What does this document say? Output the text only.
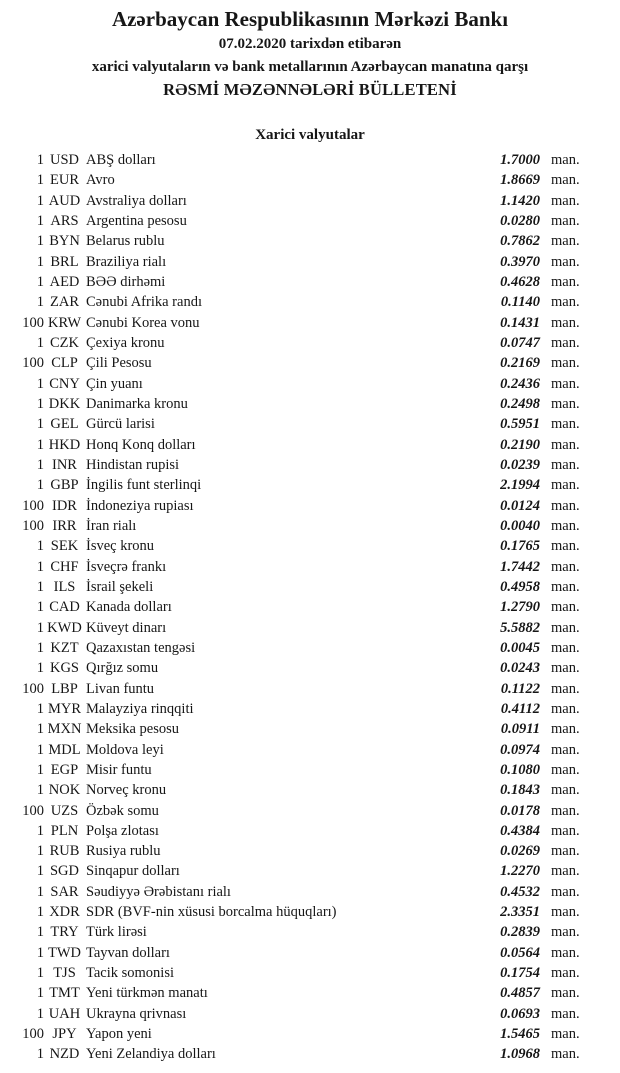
Azərbaycan Respublikasının Mərkəzi Bankı
07.02.2020 tarixdən etibarən
xarici valyutaların və bank metallarının Azərbaycan manatına qarşı
RƏSMİ MƏZƏNNƏLƏRİ BÜLLETENİ
Xarici valyutalar
1 USD ABŞ dolları	1.7000 man.
1 EUR Avro	1.8669 man.
1 AUD Avstraliya dolları	1.1420 man.
1 ARS Argentina pesosu	0.0280 man.
1 BYN Belarus rublu	0.7862 man.
1 BRL Braziliya rialı	0.3970 man.
1 AED BƏƏ dirhəmi	0.4628 man.
1 ZAR Cənubi Afrika randı	0.1140 man.
100 KRW Cənubi Korea vonu	0.1431 man.
1 CZK Çexiya kronu	0.0747 man.
100 CLP Çili Pesosu	0.2169 man.
1 CNY Çin yuanı	0.2436 man.
1 DKK Danimarka kronu	0.2498 man.
1 GEL Gürcü larisi	0.5951 man.
1 HKD Honq Konq dolları	0.2190 man.
1 INR Hindistan rupisi	0.0239 man.
1 GBP İngilis funt sterlinqi	2.1994 man.
100 IDR İndoneziya rupiası	0.0124 man.
100 IRR İran rialı	0.0040 man.
1 SEK İsveç kronu	0.1765 man.
1 CHF İsveçrə frankı	1.7442 man.
1 ILS İsrail şekeli	0.4958 man.
1 CAD Kanada dolları	1.2790 man.
1 KWD Küveyt dinarı	5.5882 man.
1 KZT Qazaxıstan tengəsi	0.0045 man.
1 KGS Qırğız somu	0.0243 man.
100 LBP Livan funtu	0.1122 man.
1 MYR Malayziya rinqqiti	0.4112 man.
1 MXN Meksika pesosu	0.0911 man.
1 MDL Moldova leyi	0.0974 man.
1 EGP Misir funtu	0.1080 man.
1 NOK Norveç kronu	0.1843 man.
100 UZS Özbək somu	0.0178 man.
1 PLN Polşa zlotası	0.4384 man.
1 RUB Rusiya rublu	0.0269 man.
1 SGD Sinqapur dolları	1.2270 man.
1 SAR Səudiyyə Ərəbistanı rialı	0.4532 man.
1 XDR SDR (BVF-nin xüsusi borcalma hüquqları)	2.3351 man.
1 TRY Türk lirəsi	0.2839 man.
1 TWD Tayvan dolları	0.0564 man.
1 TJS Tacik somonisi	0.1754 man.
1 TMT Yeni türkmən manatı	0.4857 man.
1 UAH Ukrayna qrivnası	0.0693 man.
100 JPY Yapon yeni	1.5465 man.
1 NZD Yeni Zelandiya dolları	1.0968 man.
